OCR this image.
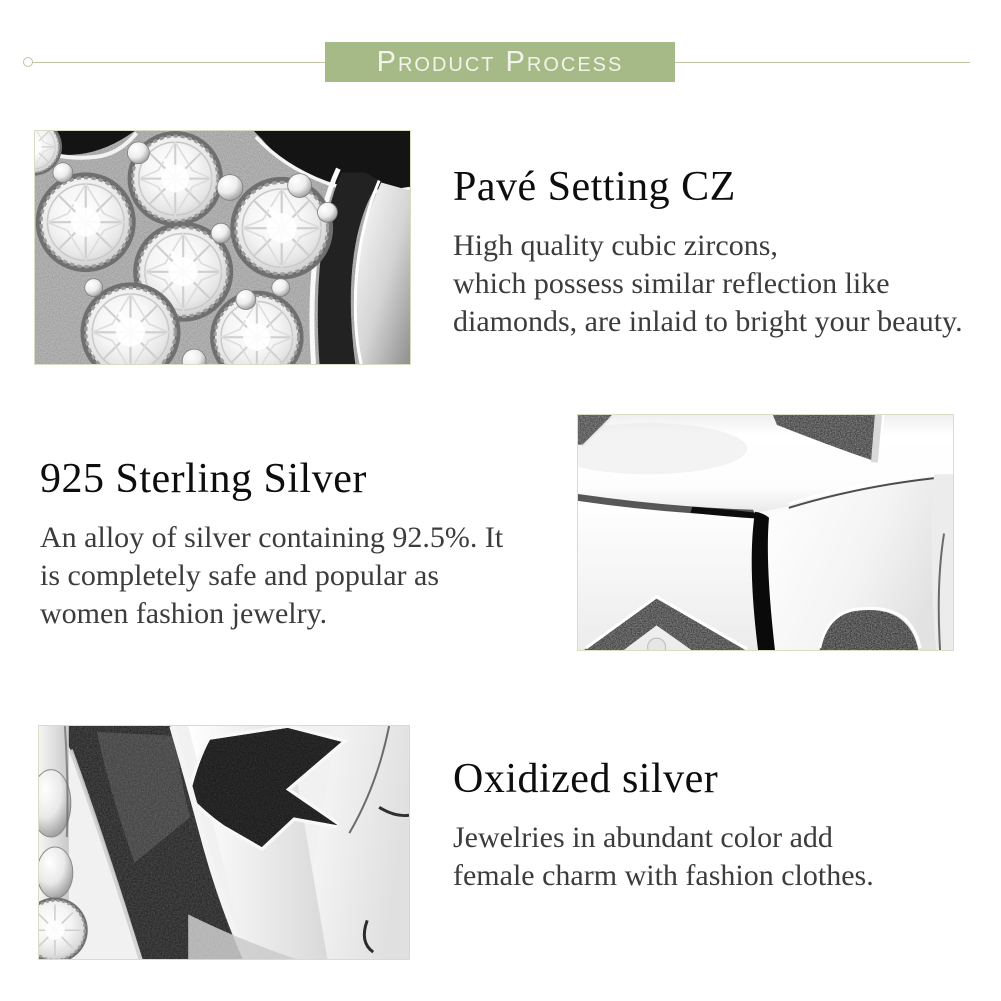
Product Process
Pavé Setting CZ
High quality cubic zircons,
which possess similar reflection like
diamonds, are inlaid to bright your beauty.
925 Sterling Silver
An alloy of silver containing 92.5%. It
is completely safe and popular as
women fashion jewelry.
Oxidized silver
Jewelries in abundant color add
female charm with fashion clothes.
